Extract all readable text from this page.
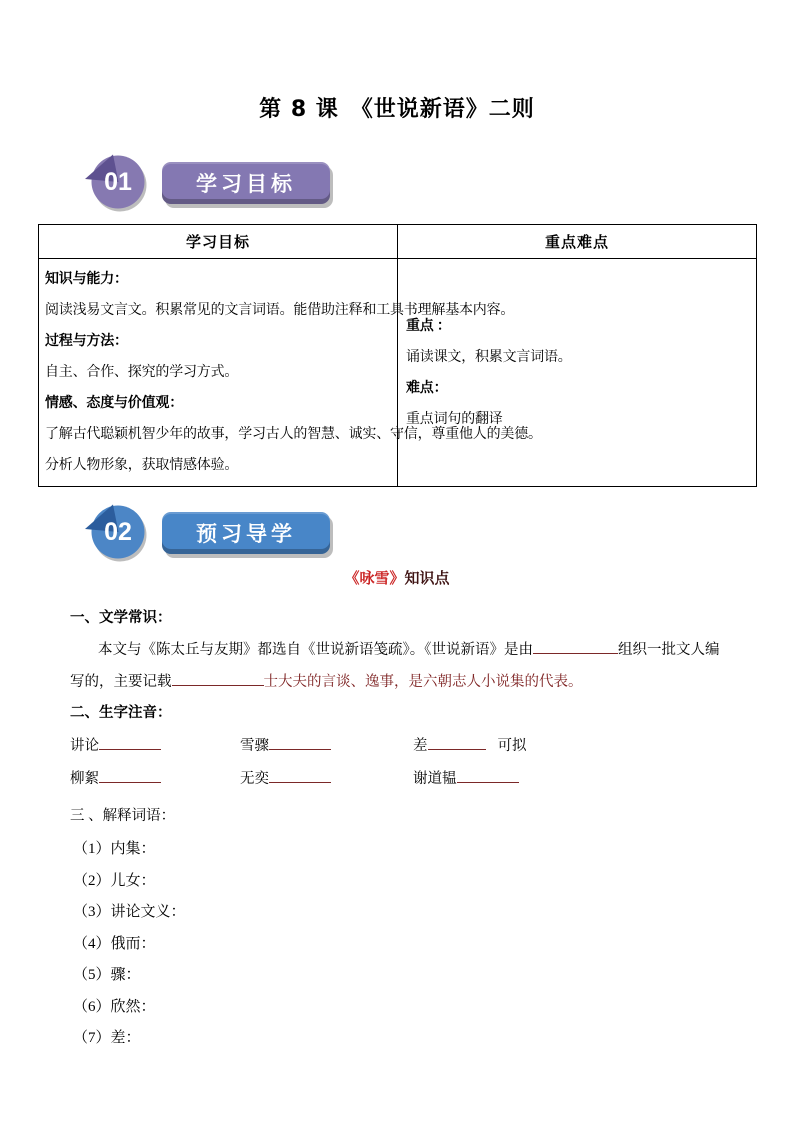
第 8 课　《世说新语》二则
01	学习目标
学习目标	重点难点

知识与能力：
阅读浅易文言文。积累常见的文言词语。能借助注释和工具书理解基本内容。
过程与方法：
自主、合作、探究的学习方式。
情感、态度与价值观：
了解古代聪颖机智少年的故事，学习古人的智慧、诚实、守信，尊重他人的美德。
分析人物形象，获取情感体验。

重点 ：
诵读课文，积累文言词语。
难点：
重点词句的翻译
02	预习导学
《咏雪》知识点
一、文学常识：
本文与《陈太丘与友期》都选自《世说新语笺疏》。《世说新语》是由	组织一批文人编
写的，主要记载	士大夫的言谈、逸事，是六朝志人小说集的代表。
二、生字注音：
讲论	雪骤	差	可拟
柳絮	无奕	谢道韫
三 、解释词语：
（1）内集：
（2）儿女：
（3）讲论文义：
（4）俄而：
（5）骤：
（6）欣然：
（7）差：
